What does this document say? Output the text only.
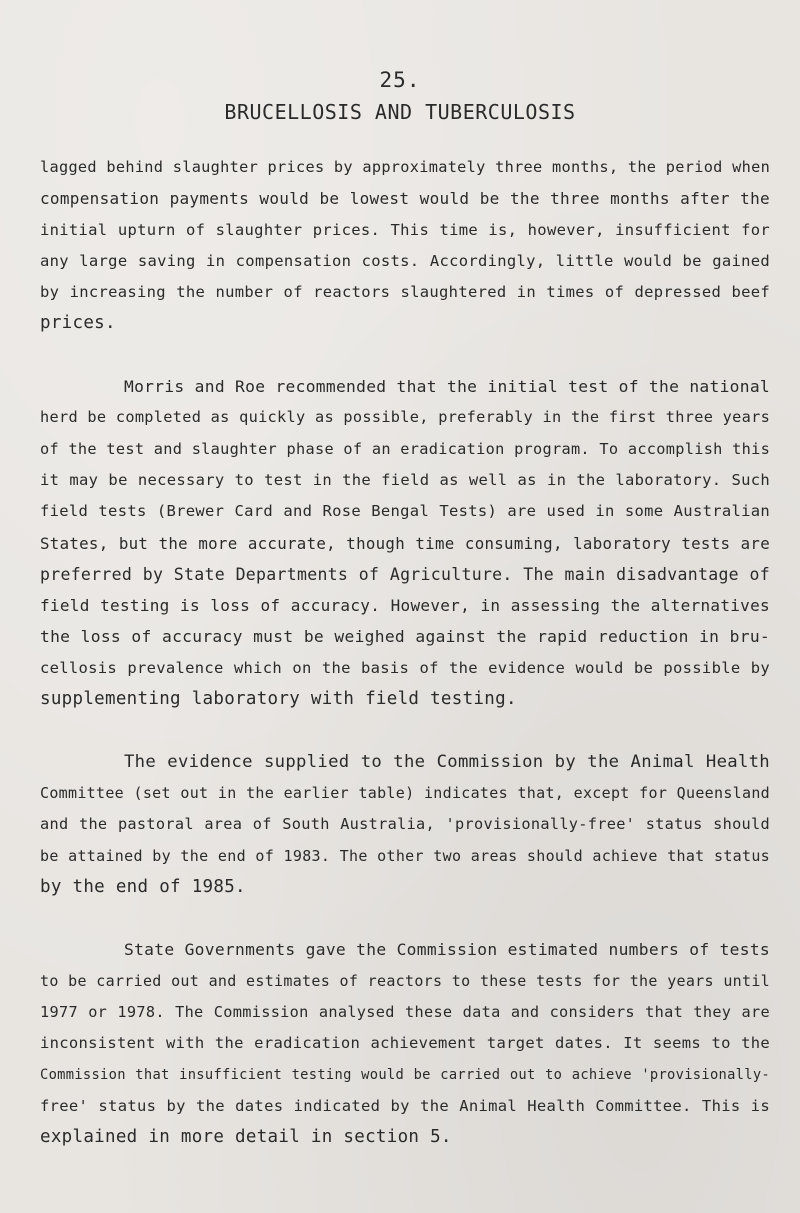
25.
BRUCELLOSIS AND TUBERCULOSIS
lagged behind slaughter prices by approximately three months, the period when
compensation payments would be lowest would be the three months after the
initial upturn of slaughter prices. This time is, however, insufficient for
any large saving in compensation costs. Accordingly, little would be gained
by increasing the number of reactors slaughtered in times of depressed beef
prices.
Morris and Roe recommended that the initial test of the national
herd be completed as quickly as possible, preferably in the first three years
of the test and slaughter phase of an eradication program. To accomplish this
it may be necessary to test in the field as well as in the laboratory. Such
field tests (Brewer Card and Rose Bengal Tests) are used in some Australian
States, but the more accurate, though time consuming, laboratory tests are
preferred by State Departments of Agriculture. The main disadvantage of
field testing is loss of accuracy. However, in assessing the alternatives
the loss of accuracy must be weighed against the rapid reduction in bru-
cellosis prevalence which on the basis of the evidence would be possible by
supplementing laboratory with field testing.
The evidence supplied to the Commission by the Animal Health
Committee (set out in the earlier table) indicates that, except for Queensland
and the pastoral area of South Australia, 'provisionally-free' status should
be attained by the end of 1983. The other two areas should achieve that status
by the end of 1985.
State Governments gave the Commission estimated numbers of tests
to be carried out and estimates of reactors to these tests for the years until
1977 or 1978. The Commission analysed these data and considers that they are
inconsistent with the eradication achievement target dates. It seems to the
Commission that insufficient testing would be carried out to achieve 'provisionally-
free' status by the dates indicated by the Animal Health Committee. This is
explained in more detail in section 5.
